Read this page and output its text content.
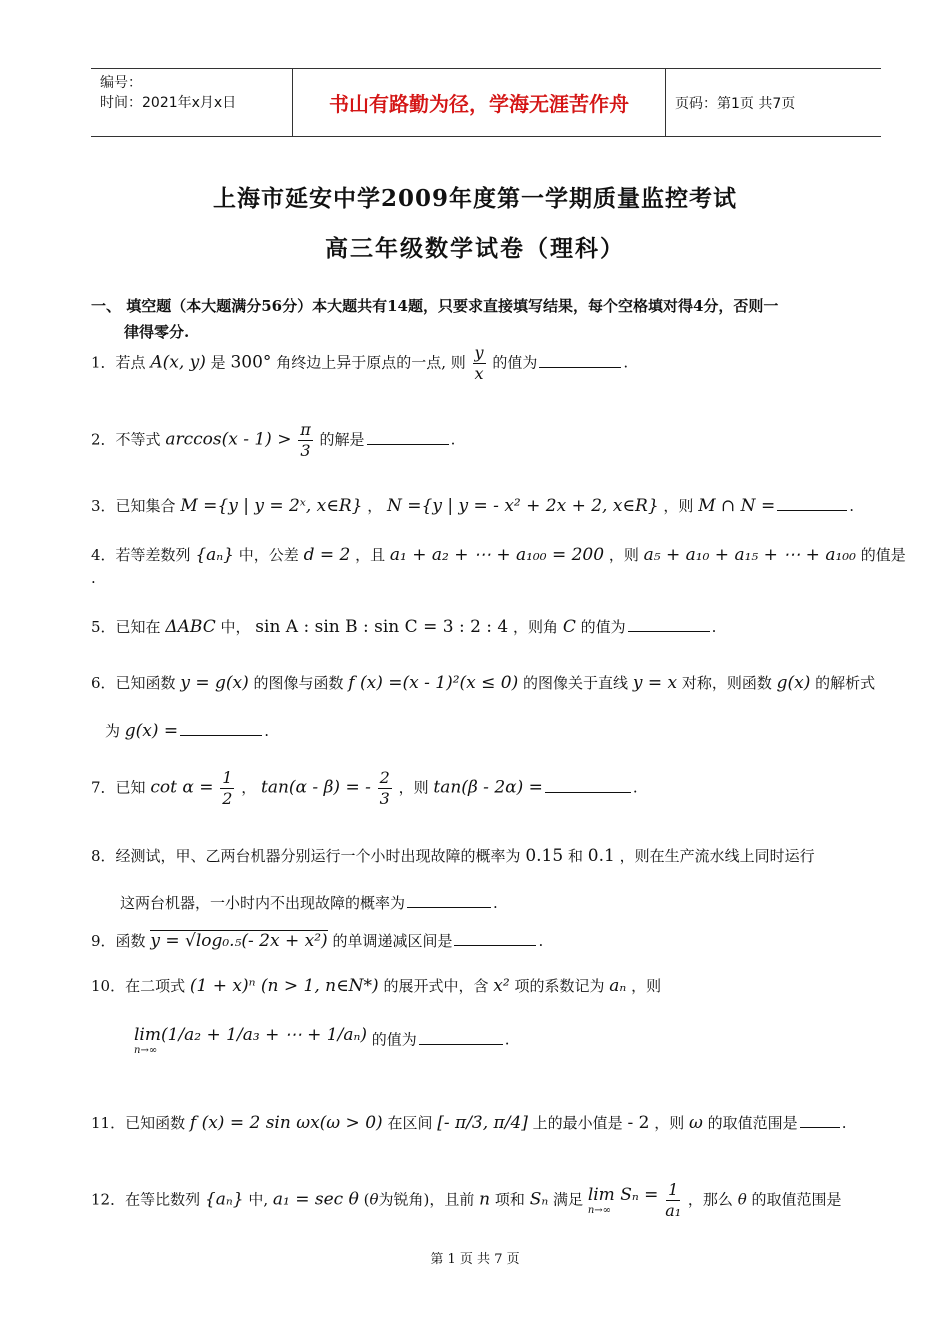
编号：
时间：2021年x月x日	书山有路勤为径，学海无涯苦作舟	页码：第1页 共7页
上海市延安中学2009年度第一学期质量监控考试
高三年级数学试卷（理科）
一、 填空题（本大题满分56分）本大题共有14题，只要求直接填写结果，每个空格填对得4分，否则一
律得零分.
1．若点 A(x, y) 是 300° 角终边上异于原点的一点, 则 $\frac{y}{x}$ 的值为	.
2．不等式 $\arccos(x - 1) > \frac{\pi}{3}$ 的解是	.
3．已知集合 M ={y | y = 2ˣ, x∈R} ， N ={y | y = - x² + 2x + 2, x∈R} ，则 M ∩ N =	.
4．若等差数列 {aₙ} 中，公差 d = 2 ，且 a₁ + a₂ + ⋯ + a₁₀₀ = 200 ，则 a₅ + a₁₀ + a₁₅ + ⋯ + a₁₀₀ 的值是
.
5．已知在 ΔABC 中， sin A : sin B : sin C = 3 : 2 : 4 ，则角 C 的值为	.
6．已知函数 y = g(x) 的图像与函数 f (x) =(x - 1)²(x ≤ 0) 的图像关于直线 y = x 对称，则函数 g(x) 的解析式
为 g(x) =	.
7．已知 $\cot \alpha = \frac{1}{2}$ ， tan(α - β) = - $\frac{2}{3}$ ，则 tan(β - 2α) =	.
8．经测试，甲、乙两台机器分别运行一个小时出现故障的概率为 0.15 和 0.1 ，则在生产流水线上同时运行
这两台机器，一小时内不出现故障的概率为	.
9．函数 y = √log₀.₅(- 2x + x²) 的单调递减区间是	.
10．在二项式 (1 + x)ⁿ (n > 1, n∈N*) 的展开式中，含 x² 项的系数记为 aₙ ，则
lim(1/a₂ + 1/a₃ + ⋯ + 1/aₙ)
n→∞
的值为	.
11．已知函数 f (x) = 2 sin ωx(ω > 0) 在区间 [- π/3, π/4] 上的最小值是 - 2 ，则 ω 的取值范围是	.
12．在等比数列 {aₙ} 中, a₁ = sec θ (θ为锐角)，且前 n 项和 Sₙ 满足 lim Sₙ =
n→∞
	$\frac{1}{\text{a₁}}$ ，那么 θ 的取值范围是
第 1 页 共 7 页
